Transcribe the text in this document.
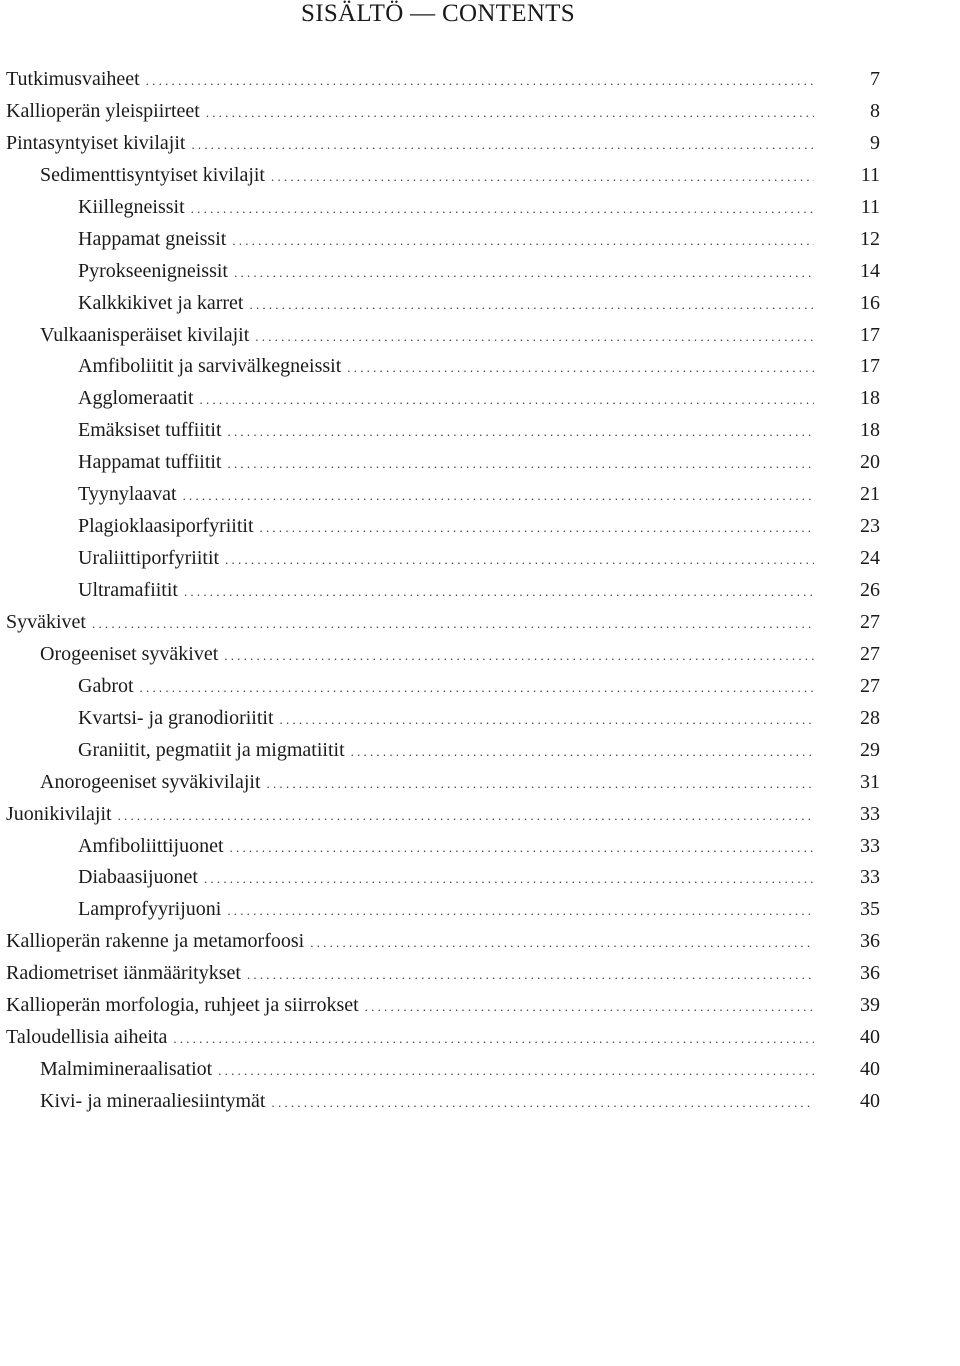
SISÄLTÖ — CONTENTS
Tutkimusvaiheet .....	7
Kallioperän yleispiirteet .....	8
Pintasyntyiset kivilajit .....	9
Sedimenttisyntyiset kivilajit .....	11
Kiillegneissit .....	11
Happamat gneissit .....	12
Pyrokseenigneissit .....	14
Kalkkikivet ja karret .....	16
Vulkaanisperäiset kivilajit .....	17
Amfiboliitit ja sarvivälkegneissit .....	17
Agglomeraatit .....	18
Emäksiset tuffiitit .....	18
Happamat tuffiitit .....	20
Tyynylaavat .....	21
Plagioklaasiporfyriitit .....	23
Uraliittiporfyriitit .....	24
Ultramafiitit .....	26
Syväkivet .....	27
Orogeeniset syväkivet .....	27
Gabrot .....	27
Kvartsi- ja granodioriitit .....	28
Graniitit, pegmatiit ja migmatiitit .....	29
Anorogeeniset syväkivilajit .....	31
Juonikivilajit .....	33
Amfiboliittijuonet .....	33
Diabaasijuonet .....	33
Lamprofyyrijuoni .....	35
Kallioperän rakenne ja metamorfoosi .....	36
Radiometriset iänmääritykset .....	36
Kallioperän morfologia, ruhjeet ja siirrokset .....	39
Taloudellisia aiheita .....	40
Malmimineraalisatiot .....	40
Kivi- ja mineraaliesiintymät .....	40
